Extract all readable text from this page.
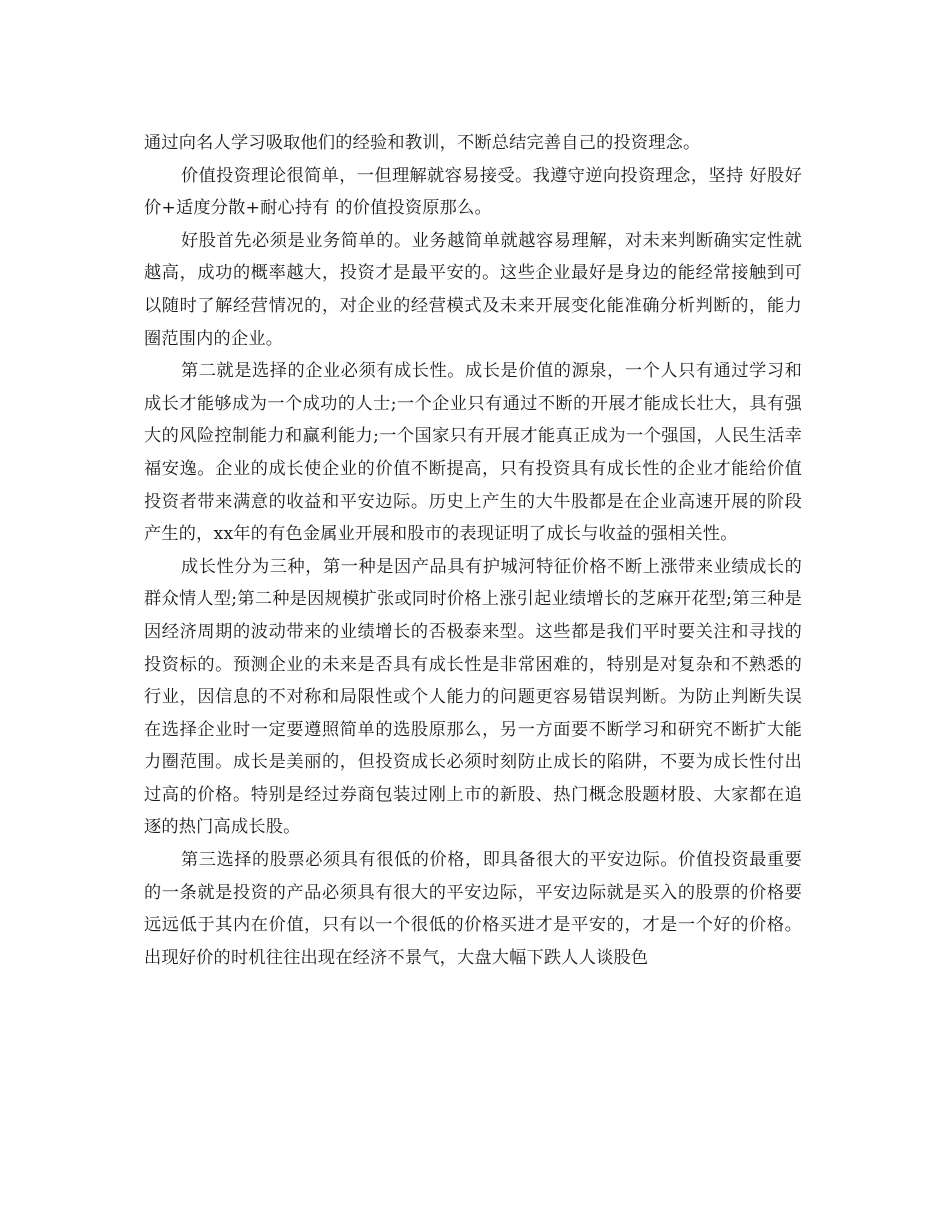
通过向名人学习吸取他们的经验和教训，不断总结完善自己的投资理念。

价值投资理论很简单，一但理解就容易接受。我遵守逆向投资理念，坚持 好股好价+适度分散+耐心持有 的价值投资原那么。

好股首先必须是业务简单的。业务越简单就越容易理解，对未来判断确实定性就越高，成功的概率越大，投资才是最平安的。这些企业最好是身边的能经常接触到可以随时了解经营情况的，对企业的经营模式及未来开展变化能准确分析判断的，能力圈范围内的企业。

第二就是选择的企业必须有成长性。成长是价值的源泉，一个人只有通过学习和成长才能够成为一个成功的人士;一个企业只有通过不断的开展才能成长壮大，具有强大的风险控制能力和赢利能力;一个国家只有开展才能真正成为一个强国，人民生活幸福安逸。企业的成长使企业的价值不断提高，只有投资具有成长性的企业才能给价值投资者带来满意的收益和平安边际。历史上产生的大牛股都是在企业高速开展的阶段产生的，xx年的有色金属业开展和股市的表现证明了成长与收益的强相关性。

成长性分为三种，第一种是因产品具有护城河特征价格不断上涨带来业绩成长的群众情人型;第二种是因规模扩张或同时价格上涨引起业绩增长的芝麻开花型;第三种是因经济周期的波动带来的业绩增长的否极泰来型。这些都是我们平时要关注和寻找的投资标的。预测企业的未来是否具有成长性是非常困难的，特别是对复杂和不熟悉的行业，因信息的不对称和局限性或个人能力的问题更容易错误判断。为防止判断失误在选择企业时一定要遵照简单的选股原那么，另一方面要不断学习和研究不断扩大能力圈范围。成长是美丽的，但投资成长必须时刻防止成长的陷阱，不要为成长性付出过高的价格。特别是经过券商包装过刚上市的新股、热门概念股题材股、大家都在追逐的热门高成长股。

第三选择的股票必须具有很低的价格，即具备很大的平安边际。价值投资最重要的一条就是投资的产品必须具有很大的平安边际，平安边际就是买入的股票的价格要远远低于其内在价值，只有以一个很低的价格买进才是平安的，才是一个好的价格。出现好价的时机往往出现在经济不景气，大盘大幅下跌人人谈股色
